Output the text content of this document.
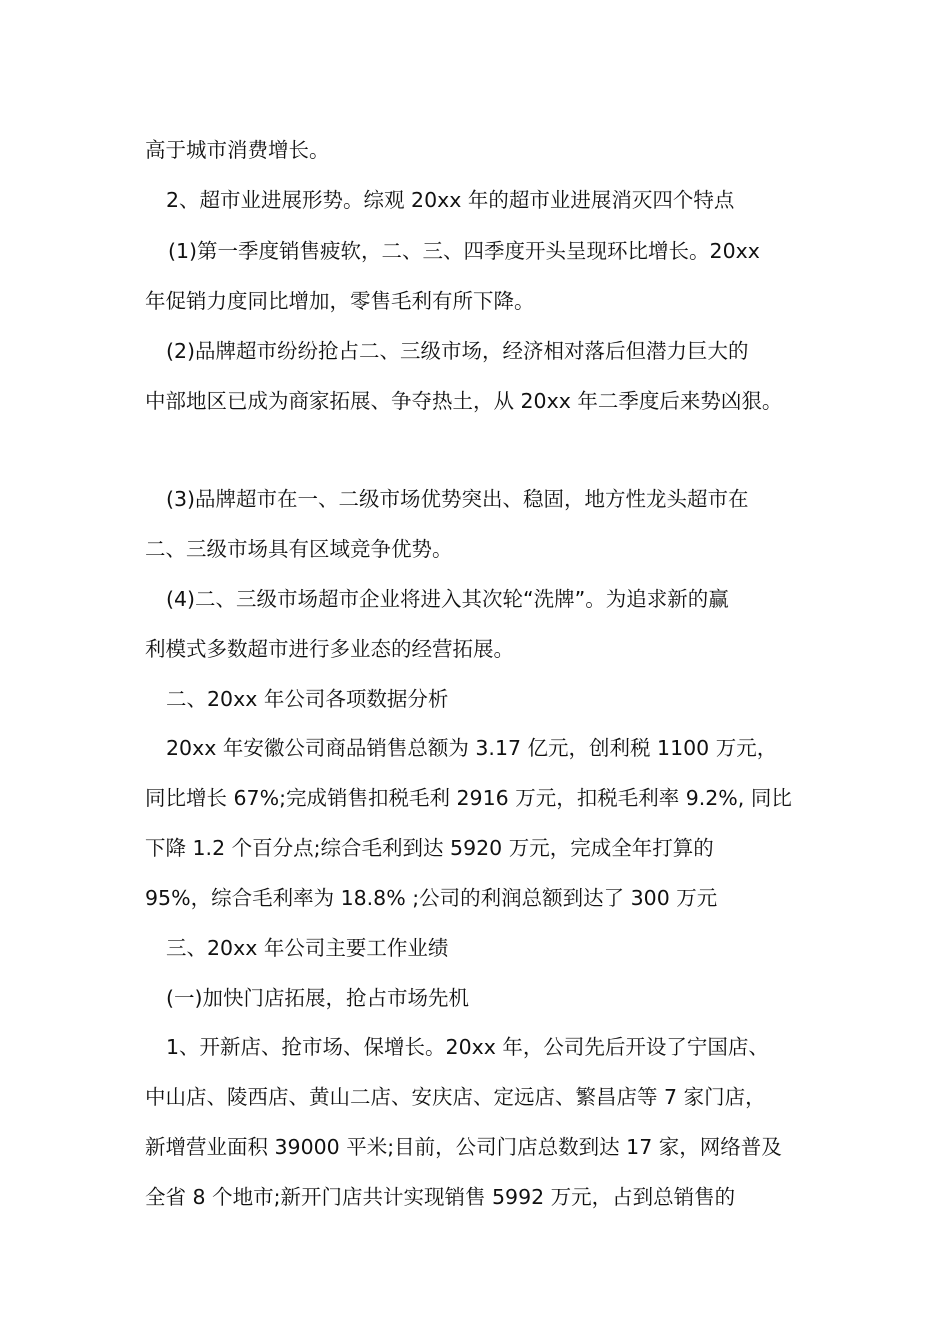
高于城市消费增长。
2、超市业进展形势。综观 20xx 年的超市业进展消灭四个特点
(1)第一季度销售疲软，二、三、四季度开头呈现环比增长。20xx
年促销力度同比增加，零售毛利有所下降。
(2)品牌超市纷纷抢占二、三级市场，经济相对落后但潜力巨大的
中部地区已成为商家拓展、争夺热土，从 20xx 年二季度后来势凶狠。
(3)品牌超市在一、二级市场优势突出、稳固，地方性龙头超市在
二、三级市场具有区域竞争优势。
(4)二、三级市场超市企业将进入其次轮“洗牌”。为追求新的赢
利模式多数超市进行多业态的经营拓展。
二、20xx 年公司各项数据分析
20xx 年安徽公司商品销售总额为 3.17 亿元，创利税 1100 万元，
同比增长 67%;完成销售扣税毛利 2916 万元，扣税毛利率 9.2%, 同比
下降 1.2 个百分点;综合毛利到达 5920 万元，完成全年打算的
95%，综合毛利率为 18.8% ;公司的利润总额到达了 300 万元
三、20xx 年公司主要工作业绩
(一)加快门店拓展，抢占市场先机
1、开新店、抢市场、保增长。20xx 年，公司先后开设了宁国店、
中山店、陵西店、黄山二店、安庆店、定远店、繁昌店等 7 家门店，
新增营业面积 39000 平米;目前，公司门店总数到达 17 家，网络普及
全省 8 个地市;新开门店共计实现销售 5992 万元，占到总销售的
